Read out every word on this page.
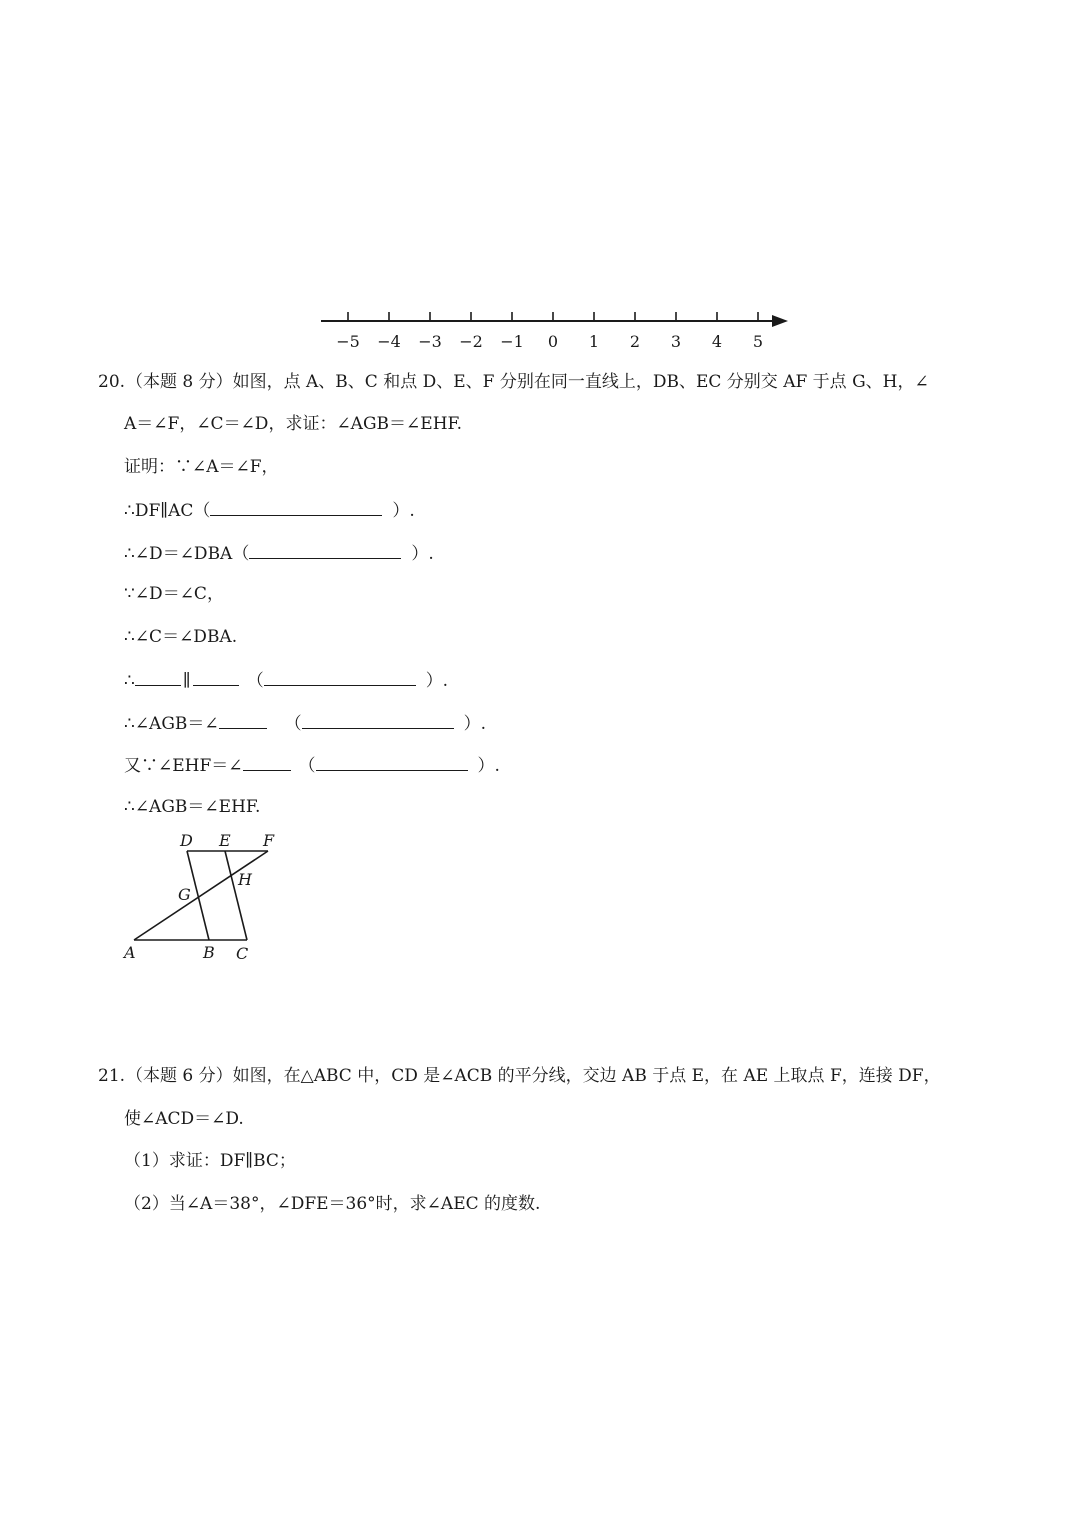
−5 −4 −3 −2 −1 0 1 2 3 4 5
20. （本题 8 分）如图，点 A、B、C 和点 D、E、F 分别在同一直线上，DB、EC 分别交 AF 于点 G、H，∠
A＝∠F，∠C＝∠D，求证：∠AGB＝∠EHF.
证明：∵∠A＝∠F，
∴DF∥AC（	）.
∴∠D＝∠DBA（	）.
∵∠D＝∠C，
∴∠C＝∠DBA.
∴	∥	（	）.
∴∠AGB＝∠	（	）.
又∵∠EHF＝∠	（	）.
∴∠AGB＝∠EHF.
D E F
G
H
A	B C
21. （本题 6 分）如图，在△ABC 中，CD 是∠ACB 的平分线，交边 AB 于点 E，在 AE 上取点 F，连接 DF，
使∠ACD＝∠D.
（1）求证：DF∥BC；
（2）当∠A＝38°，∠DFE＝36°时，求∠AEC 的度数.
